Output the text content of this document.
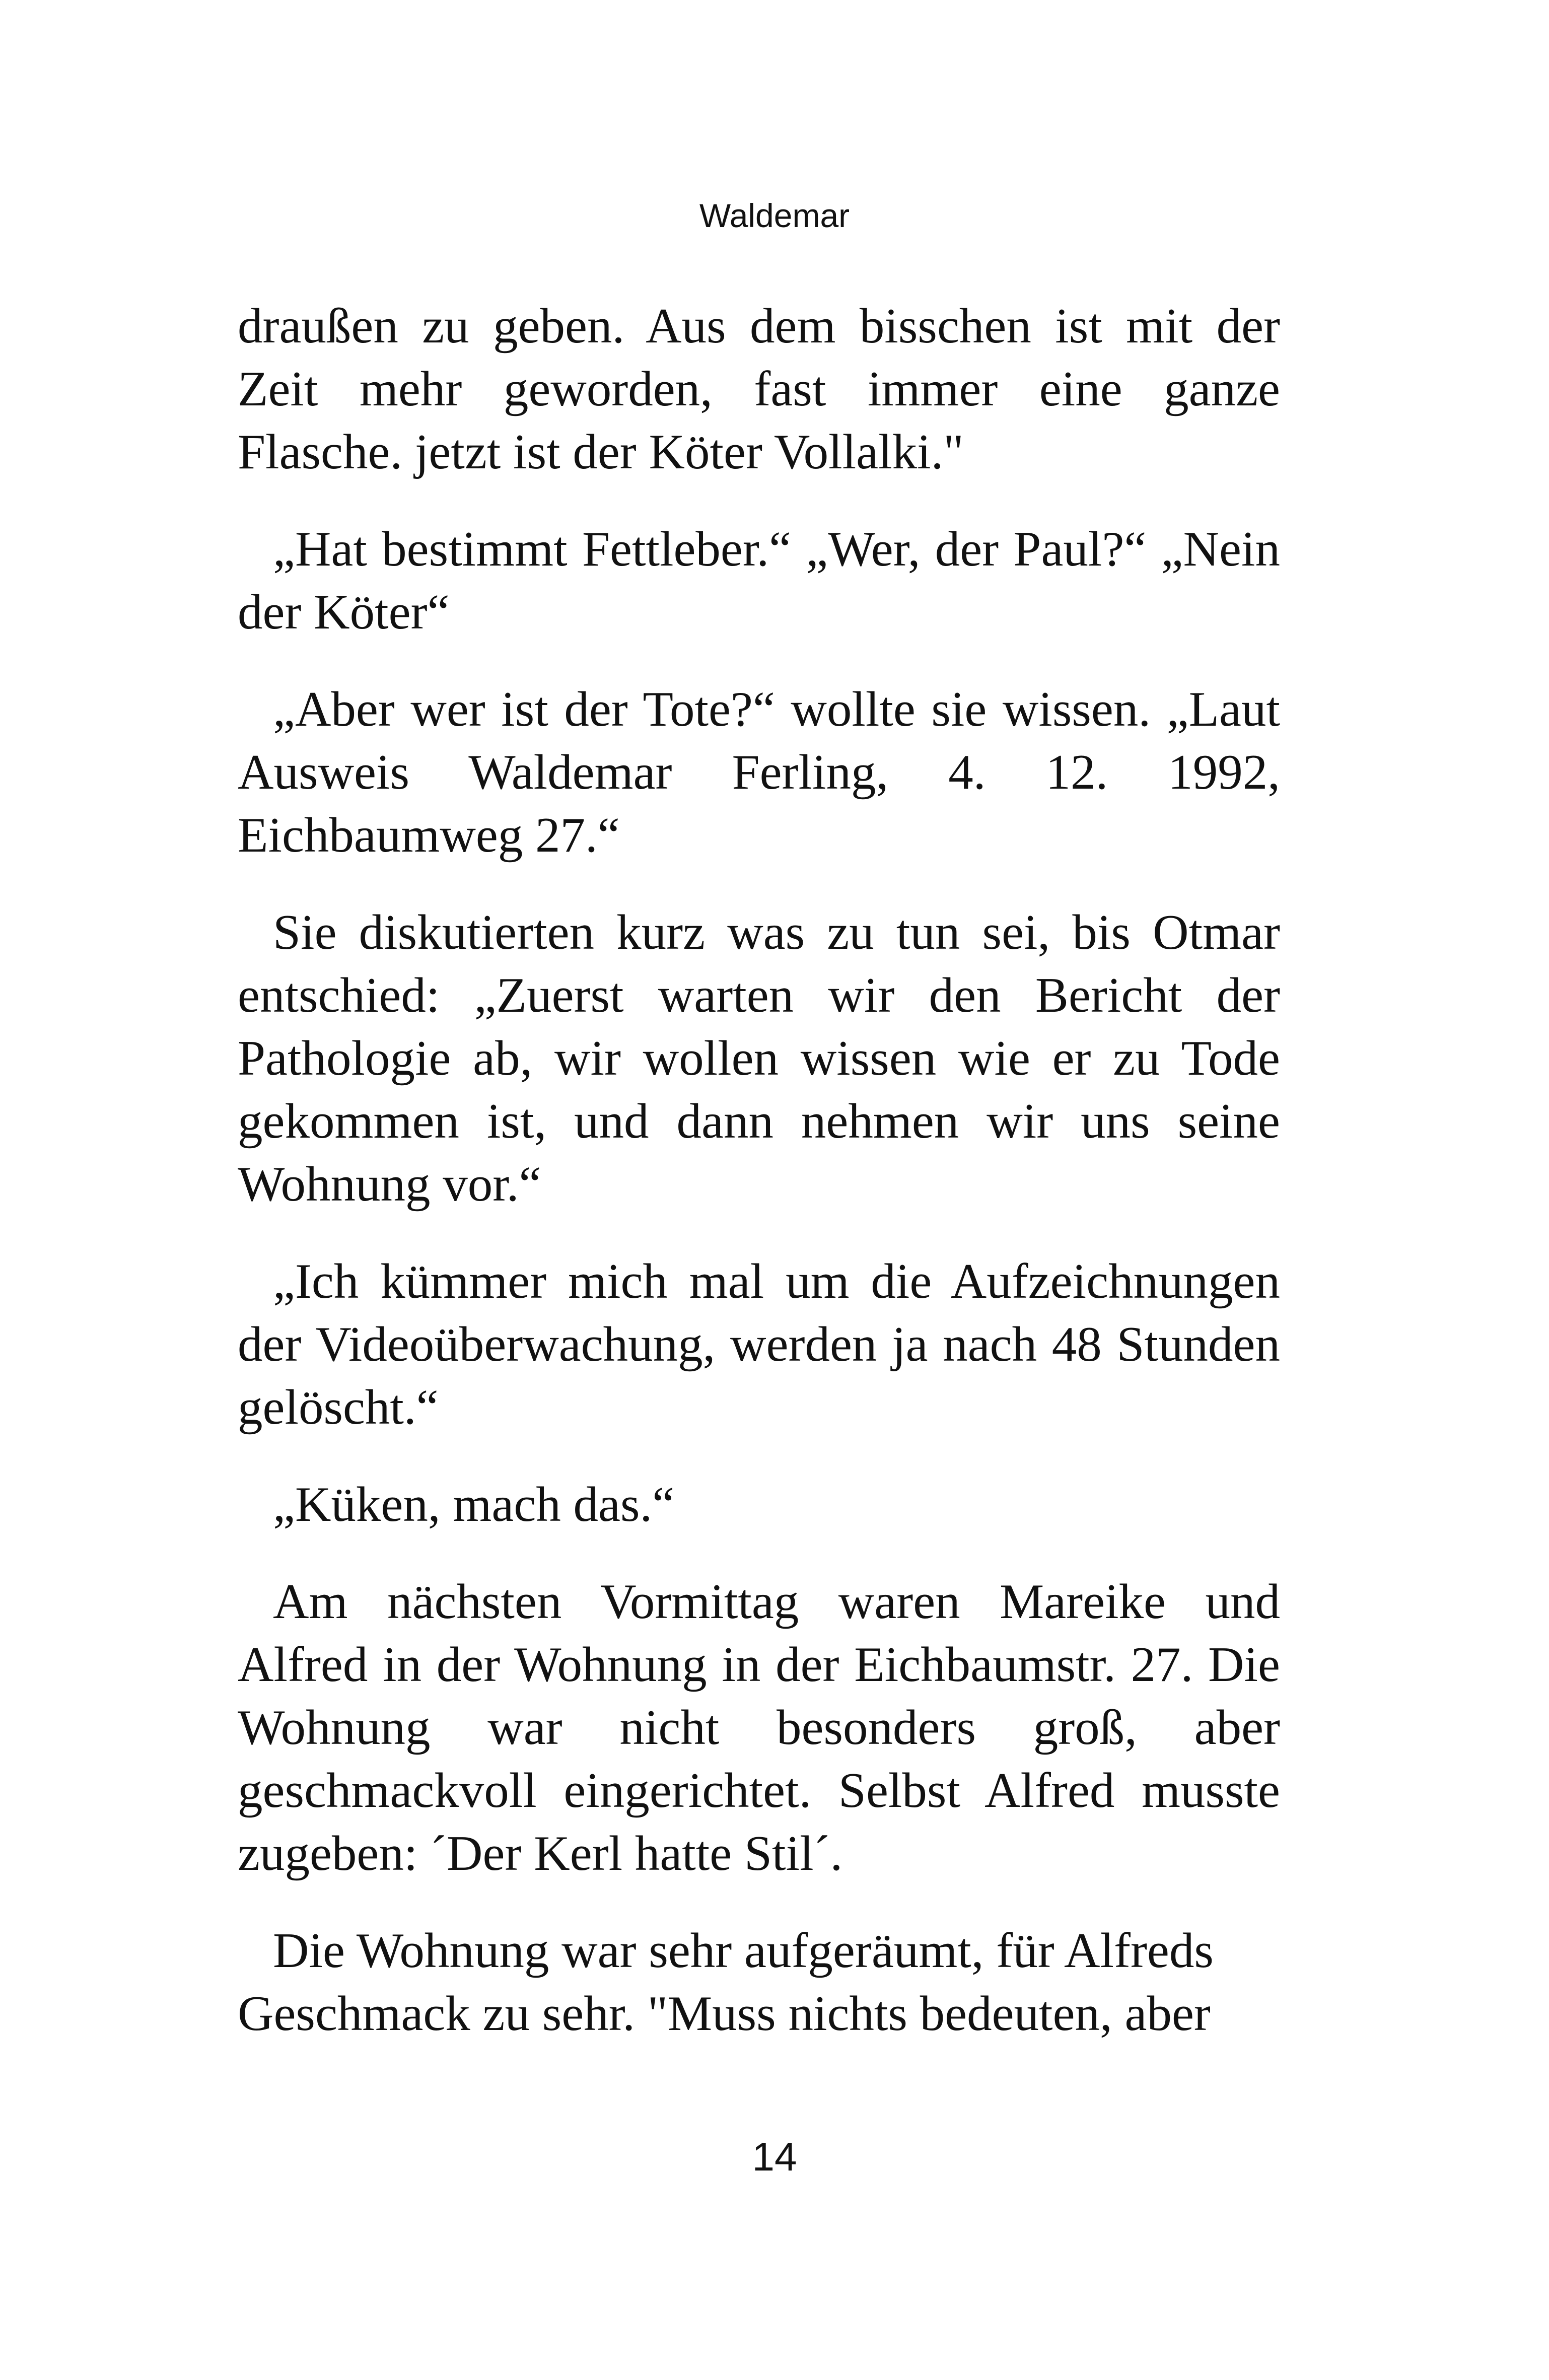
Waldemar

draußen zu geben. Aus dem bisschen ist mit der Zeit mehr geworden, fast immer eine ganze Flasche. jetzt ist der Köter Vollalki."

„Hat bestimmt Fettleber.“ „Wer, der Paul?“ „Nein der Köter“

„Aber wer ist der Tote?“ wollte sie wissen. „Laut Ausweis Waldemar Ferling, 4. 12. 1992, Eichbaumweg 27.“

Sie diskutierten kurz was zu tun sei, bis Otmar entschied: „Zuerst warten wir den Bericht der Pathologie ab, wir wollen wissen wie er zu Tode gekommen ist, und dann nehmen wir uns seine Wohnung vor.“

„Ich kümmer mich mal um die Aufzeichnungen der Videoüberwachung, werden ja nach 48 Stunden gelöscht.“

„Küken, mach das.“

Am nächsten Vormittag waren Mareike und Alfred in der Wohnung in der Eichbaumstr. 27. Die Wohnung war nicht besonders groß, aber geschmackvoll eingerichtet. Selbst Alfred musste zugeben: ´Der Kerl hatte Stil´.

Die Wohnung war sehr aufgeräumt, für Alfreds Geschmack zu sehr. "Muss nichts bedeuten, aber

14
